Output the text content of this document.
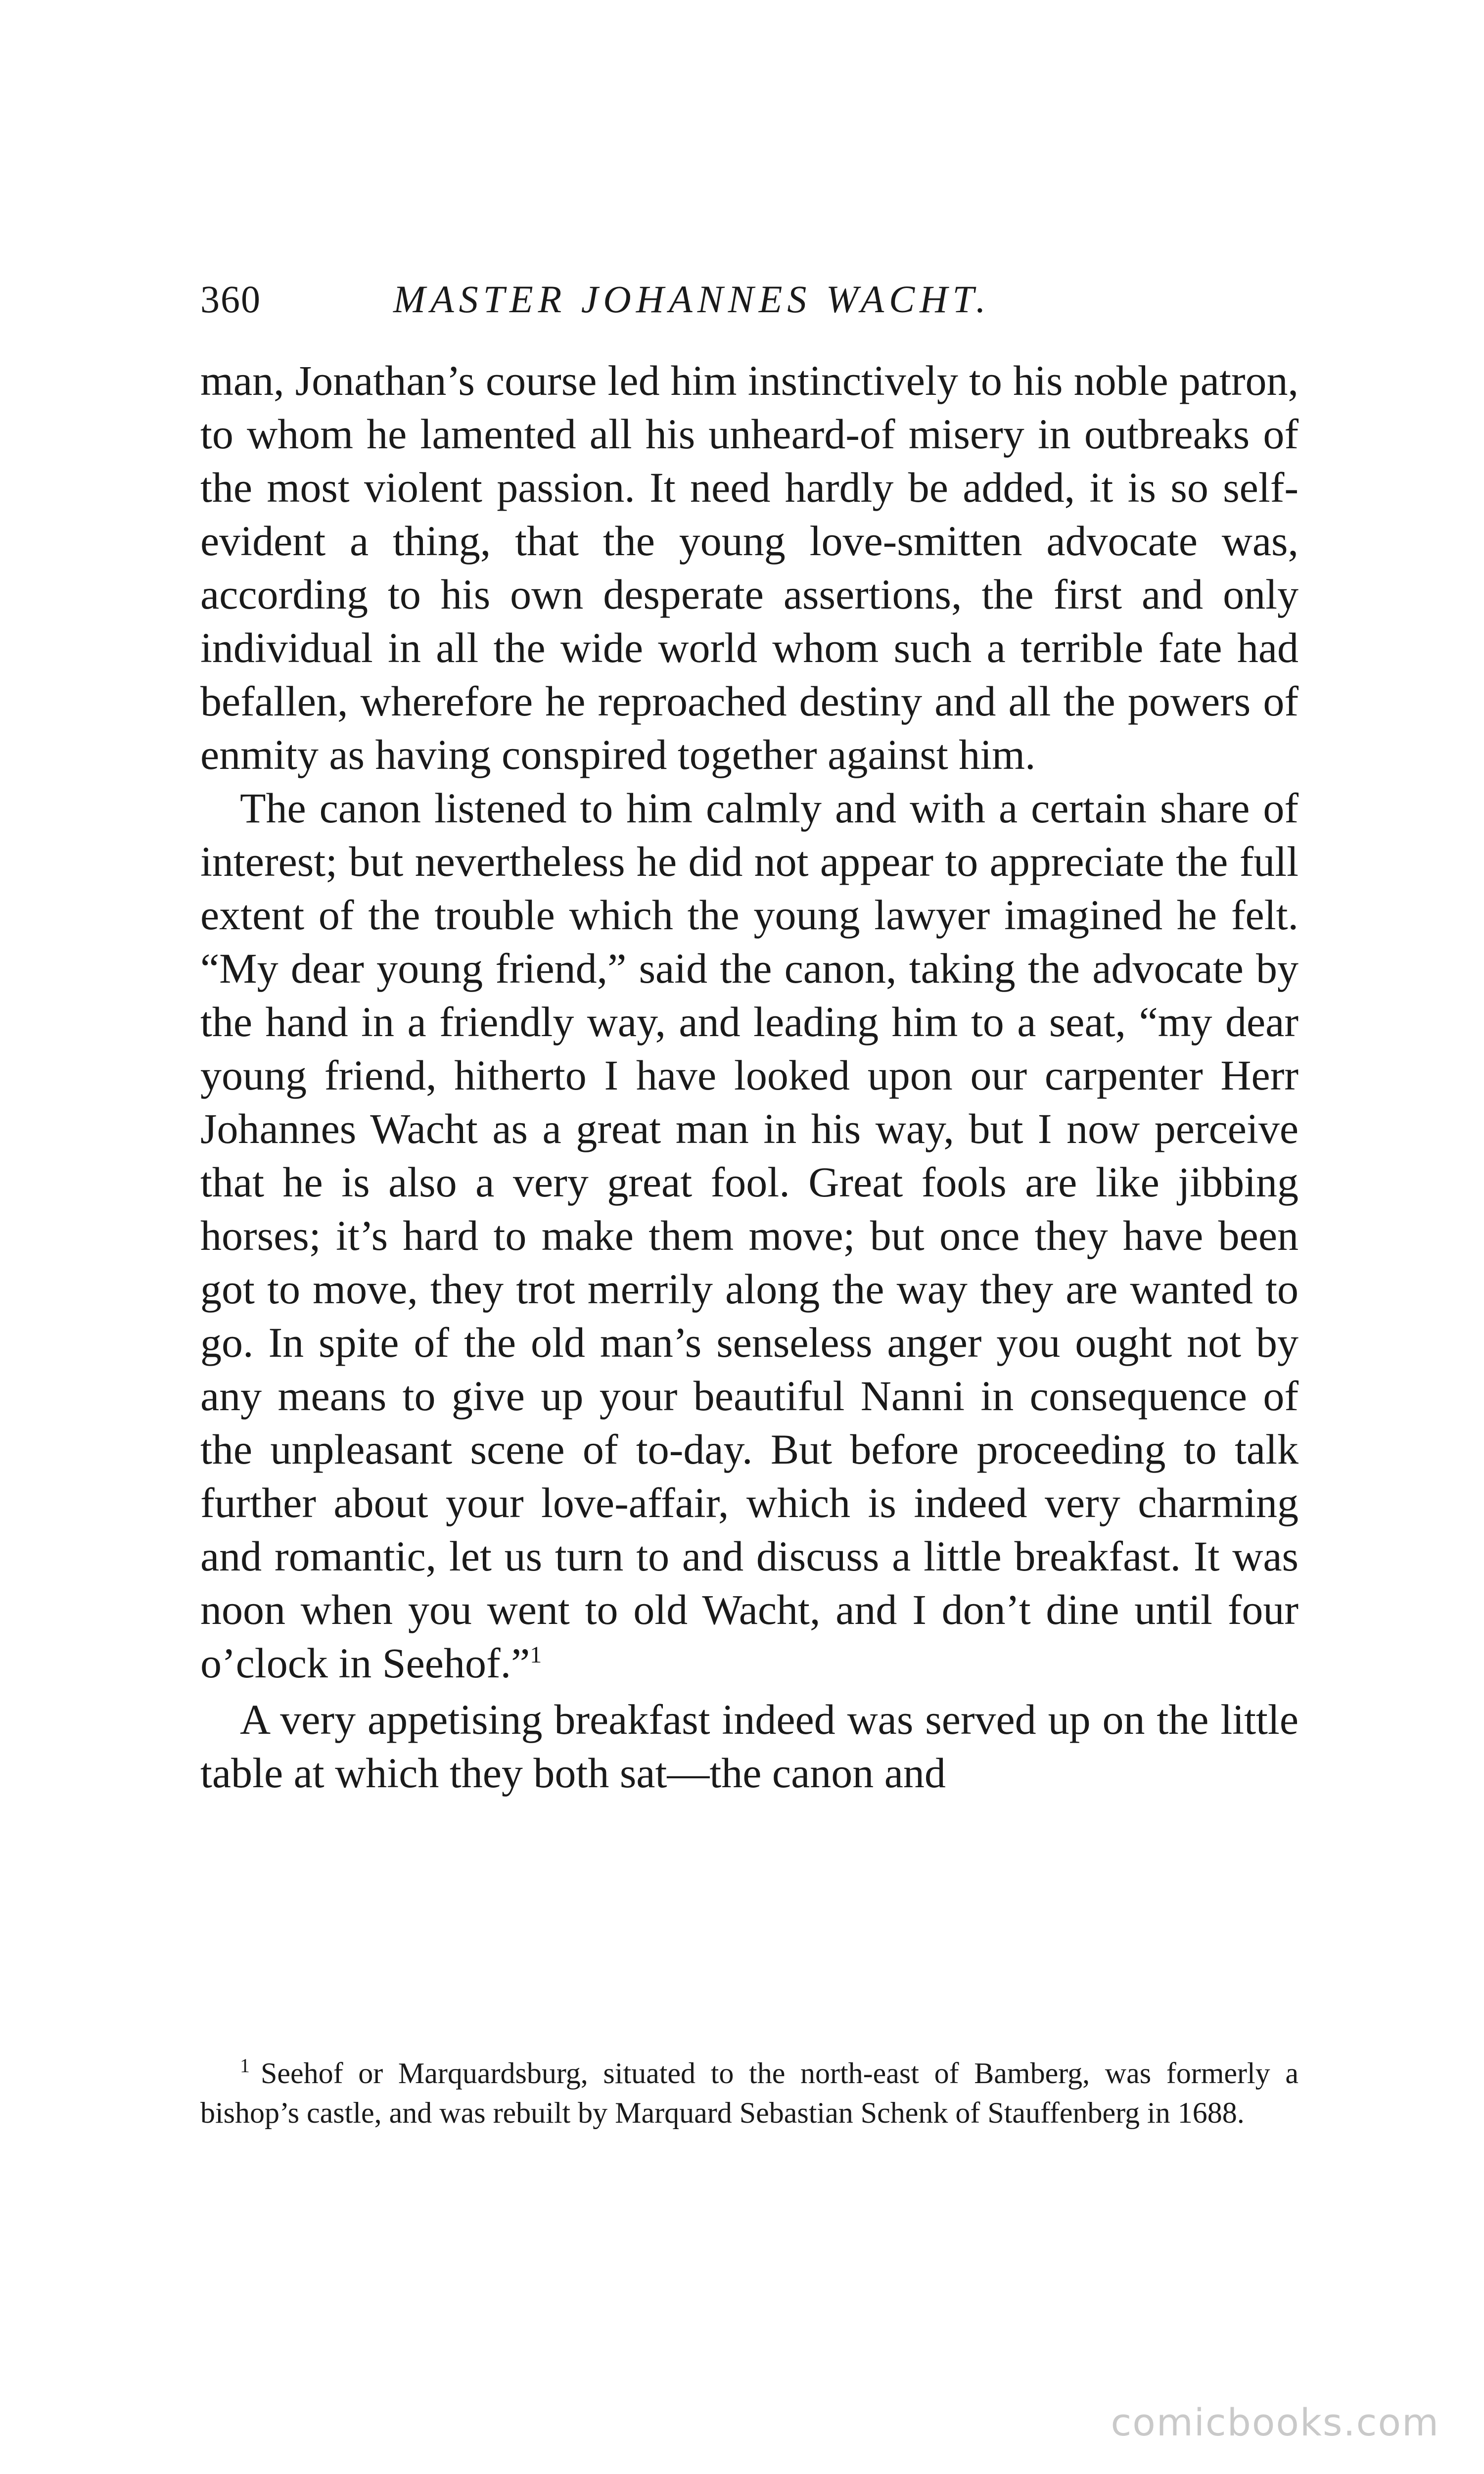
360	MASTER JOHANNES WACHT.

man, Jonathan’s course led him instinctively to his noble patron, to whom he lamented all his unheard-of misery in outbreaks of the most violent passion. It need hardly be added, it is so self-evident a thing, that the young love-smitten advocate was, according to his own desperate assertions, the first and only individual in all the wide world whom such a terrible fate had befallen, wherefore he reproached destiny and all the powers of enmity as having conspired together against him.

The canon listened to him calmly and with a certain share of interest; but nevertheless he did not appear to appreciate the full extent of the trouble which the young lawyer imagined he felt. “My dear young friend,” said the canon, taking the advocate by the hand in a friendly way, and leading him to a seat, “my dear young friend, hitherto I have looked upon our carpenter Herr Johannes Wacht as a great man in his way, but I now perceive that he is also a very great fool. Great fools are like jibbing horses; it’s hard to make them move; but once they have been got to move, they trot merrily along the way they are wanted to go. In spite of the old man’s senseless anger you ought not by any means to give up your beautiful Nanni in consequence of the unpleasant scene of to-day. But before proceeding to talk further about your love-affair, which is indeed very charming and romantic, let us turn to and discuss a little breakfast. It was noon when you went to old Wacht, and I don’t dine until four o’clock in Seehof.”$^1$

A very appetising breakfast indeed was served up on the little table at which they both sat—the canon and

$^1$ Seehof or Marquardsburg, situated to the north-east of Bamberg, was formerly a bishop’s castle, and was rebuilt by Marquard Sebastian Schenk of Stauffenberg in 1688.

comicbooks.com
